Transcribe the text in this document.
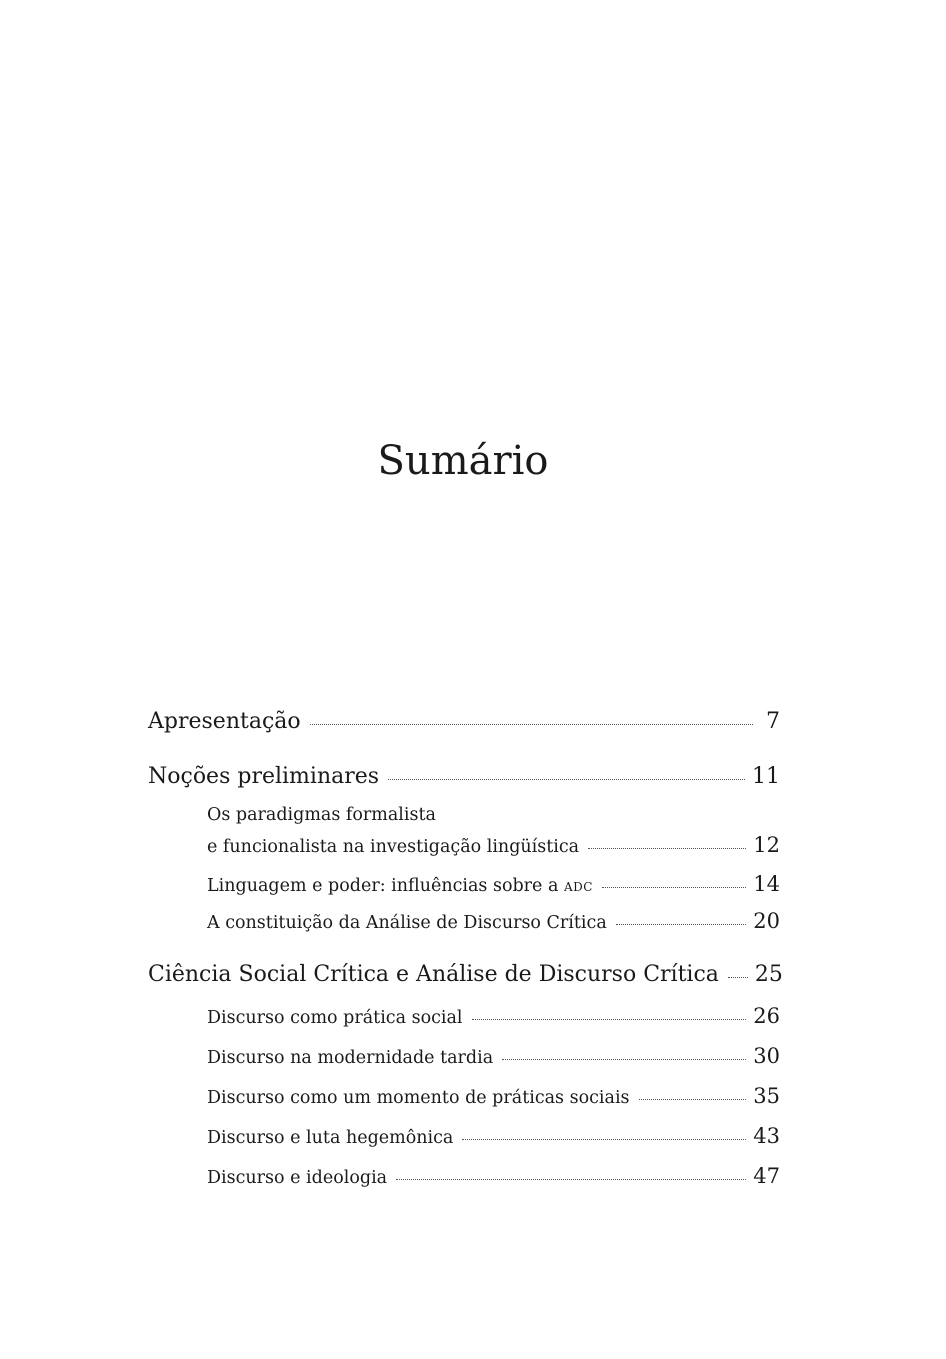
Sumário
Apresentação	7
Noções preliminares	11
Os paradigmas formalista
e funcionalista na investigação lingüística	12
Linguagem e poder: influências sobre a ADC	14
A constituição da Análise de Discurso Crítica	20
Ciência Social Crítica e Análise de Discurso Crítica 25
Discurso como prática social	26
Discurso na modernidade tardia	30
Discurso como um momento de práticas sociais	35
Discurso e luta hegemônica	43
Discurso e ideologia	47
